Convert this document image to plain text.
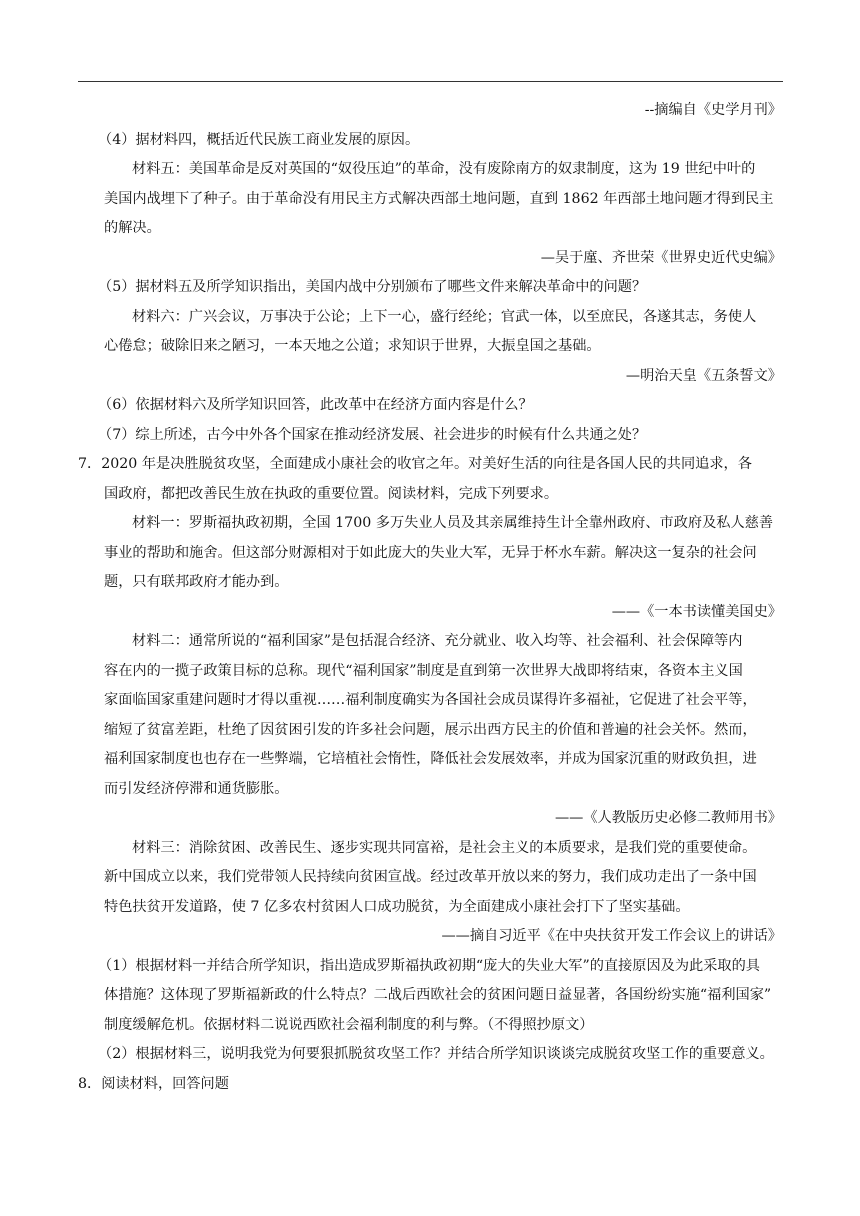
--摘编自《史学月刊》
（4）据材料四，概括近代民族工商业发展的原因。
材料五：美国革命是反对英国的“奴役压迫”的革命，没有废除南方的奴隶制度，这为 19 世纪中叶的
美国内战埋下了种子。由于革命没有用民主方式解决西部土地问题，直到 1862 年西部土地问题才得到民主
的解决。
—吴于廑、齐世荣《世界史近代史编》
（5）据材料五及所学知识指出，美国内战中分别颁布了哪些文件来解决革命中的问题？
材料六：广兴会议，万事决于公论；上下一心，盛行经纶；官武一体，以至庶民，各遂其志，务使人
心倦怠；破除旧来之陋习，一本天地之公道；求知识于世界，大振皇国之基础。
—明治天皇《五条誓文》
（6）依据材料六及所学知识回答，此改革中在经济方面内容是什么？
（7）综上所述，古今中外各个国家在推动经济发展、社会进步的时候有什么共通之处？
7．2020 年是决胜脱贫攻坚，全面建成小康社会的收官之年。对美好生活的向往是各国人民的共同追求，各
国政府，都把改善民生放在执政的重要位置。阅读材料，完成下列要求。
材料一：罗斯福执政初期，全国 1700 多万失业人员及其亲属维持生计全靠州政府、市政府及私人慈善
事业的帮助和施舍。但这部分财源相对于如此庞大的失业大军，无异于杯水车薪。解决这一复杂的社会问
题，只有联邦政府才能办到。
——《一本书读懂美国史》
材料二：通常所说的“福利国家”是包括混合经济、充分就业、收入均等、社会福利、社会保障等内
容在内的一揽子政策目标的总称。现代“福利国家”制度是直到第一次世界大战即将结束，各资本主义国
家面临国家重建问题时才得以重视……福利制度确实为各国社会成员谋得许多福祉，它促进了社会平等，
缩短了贫富差距，杜绝了因贫困引发的许多社会问题，展示出西方民主的价值和普遍的社会关怀。然而，
福利国家制度也也存在一些弊端，它培植社会惰性，降低社会发展效率，并成为国家沉重的财政负担，进
而引发经济停滞和通货膨胀。
——《人教版历史必修二教师用书》
材料三：消除贫困、改善民生、逐步实现共同富裕，是社会主义的本质要求，是我们党的重要使命。
新中国成立以来，我们党带领人民持续向贫困宣战。经过改革开放以来的努力，我们成功走出了一条中国
特色扶贫开发道路，使 7 亿多农村贫困人口成功脱贫，为全面建成小康社会打下了坚实基础。
——摘自习近平《在中央扶贫开发工作会议上的讲话》
（1）根据材料一并结合所学知识，指出造成罗斯福执政初期“庞大的失业大军”的直接原因及为此采取的具
体措施？这体现了罗斯福新政的什么特点？二战后西欧社会的贫困问题日益显著，各国纷纷实施“福利国家”
制度缓解危机。依据材料二说说西欧社会福利制度的利与弊。（不得照抄原文）
（2）根据材料三，说明我党为何要狠抓脱贫攻坚工作？并结合所学知识谈谈完成脱贫攻坚工作的重要意义。
8．阅读材料，回答问题
